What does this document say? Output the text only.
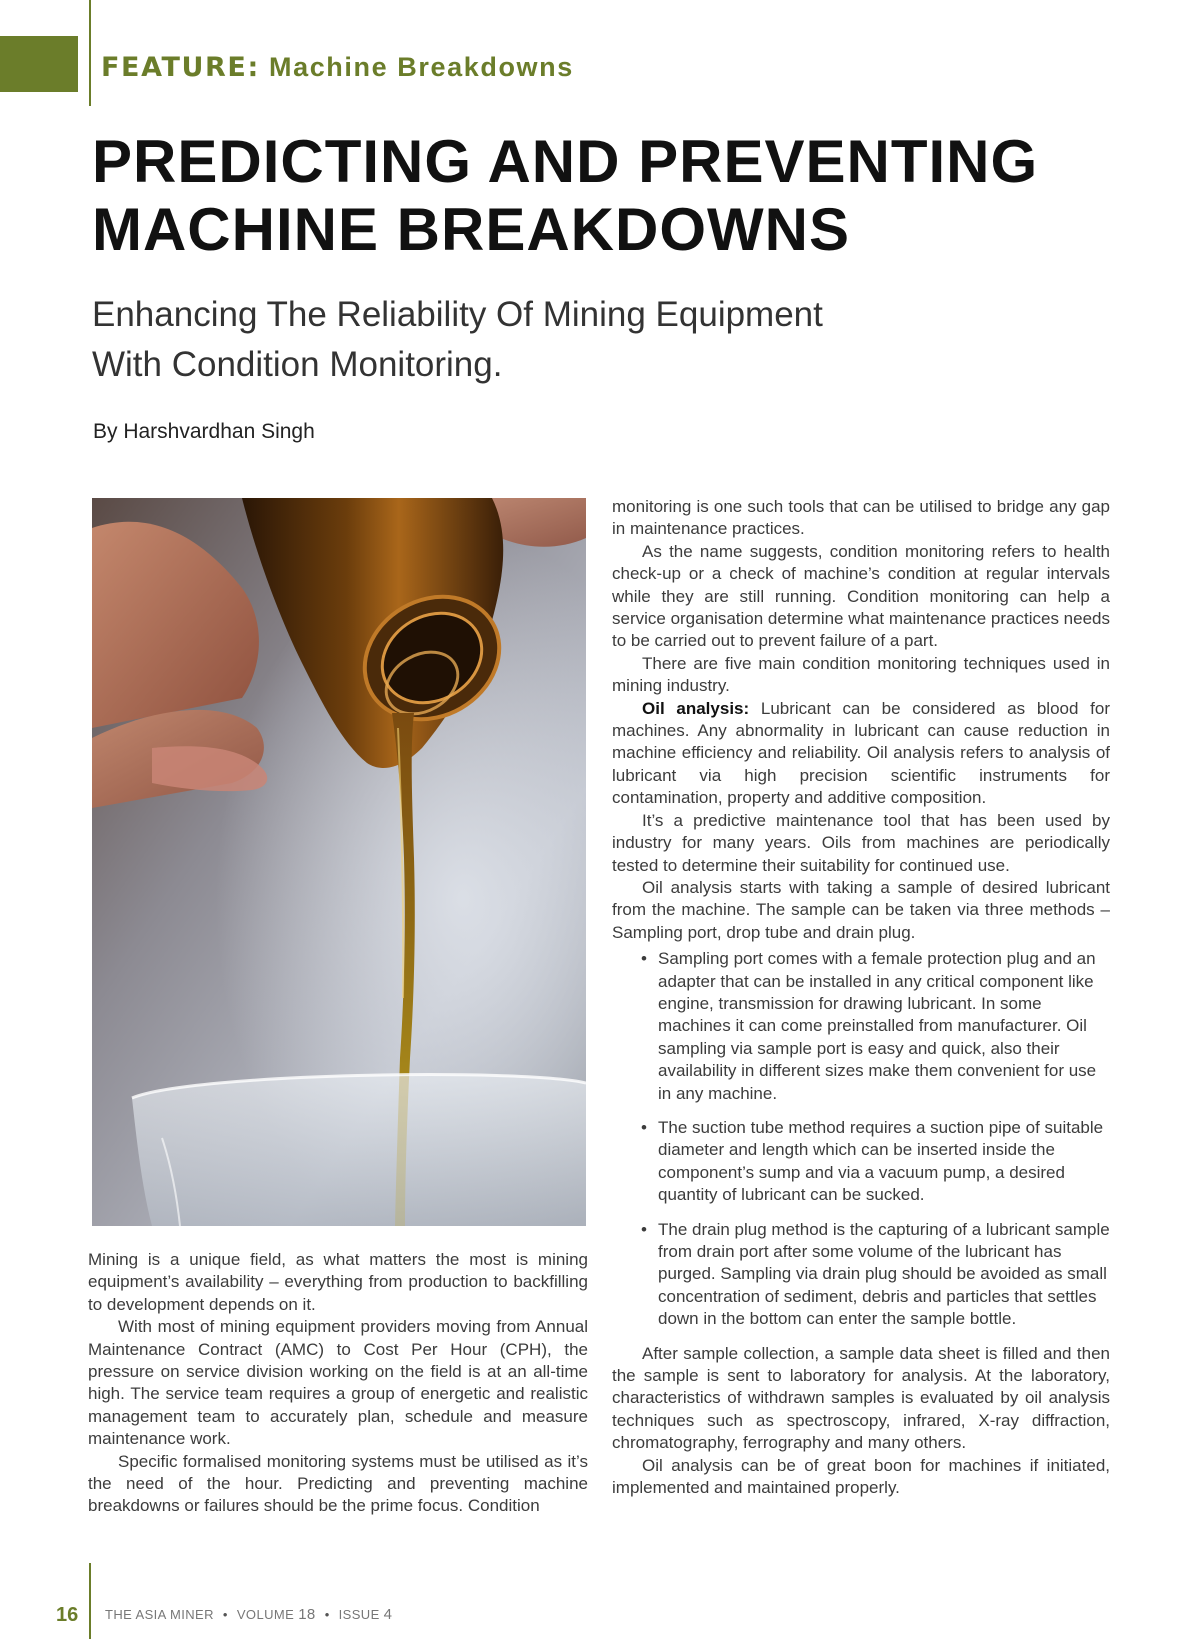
FEATURE: Machine Breakdowns
PREDICTING AND PREVENTING
MACHINE BREAKDOWNS
Enhancing The Reliability Of Mining Equipment
With Condition Monitoring.
By Harshvardhan Singh

Mining is a unique field, as what matters the most is mining equipment’s availability – everything from production to backfilling to development depends on it.

With most of mining equipment providers moving from Annual Maintenance Contract (AMC) to Cost Per Hour (CPH), the pressure on service division working on the field is at an all-time high. The service team requires a group of energetic and realistic management team to accurately plan, schedule and measure maintenance work.

Specific formalised monitoring systems must be utilised as it’s the need of the hour. Predicting and preventing machine breakdowns or failures should be the prime focus. Condition

monitoring is one such tools that can be utilised to bridge any gap in maintenance practices.

As the name suggests, condition monitoring refers to health check-up or a check of machine’s condition at regular intervals while they are still running. Condition monitoring can help a service organisation determine what maintenance practices needs to be carried out to prevent failure of a part.

There are five main condition monitoring techniques used in mining industry.

Oil analysis: Lubricant can be considered as blood for machines. Any abnormality in lubricant can cause reduction in machine efficiency and reliability. Oil analysis refers to analysis of lubricant via high precision scientific instruments for contamination, property and additive composition.

It’s a predictive maintenance tool that has been used by industry for many years. Oils from machines are periodically tested to determine their suitability for continued use.

Oil analysis starts with taking a sample of desired lubricant from the machine. The sample can be taken via three methods – Sampling port, drop tube and drain plug.

• Sampling port comes with a female protection plug and an adapter that can be installed in any critical component like engine, transmission for drawing lubricant. In some machines it can come preinstalled from manufacturer. Oil sampling via sample port is easy and quick, also their availability in different sizes make them convenient for use in any machine.
• The suction tube method requires a suction pipe of suitable diameter and length which can be inserted inside the component’s sump and via a vacuum pump, a desired quantity of lubricant can be sucked.
• The drain plug method is the capturing of a lubricant sample from drain port after some volume of the lubricant has purged. Sampling via drain plug should be avoided as small concentration of sediment, debris and particles that settles down in the bottom can enter the sample bottle.

After sample collection, a sample data sheet is filled and then the sample is sent to laboratory for analysis. At the laboratory, characteristics of withdrawn samples is evaluated by oil analysis techniques such as spectroscopy, infrared, X-ray diffraction, chromatography, ferrography and many others.

Oil analysis can be of great boon for machines if initiated, implemented and maintained properly.

16 THE ASIA MINER • VOLUME 18 • ISSUE 4
